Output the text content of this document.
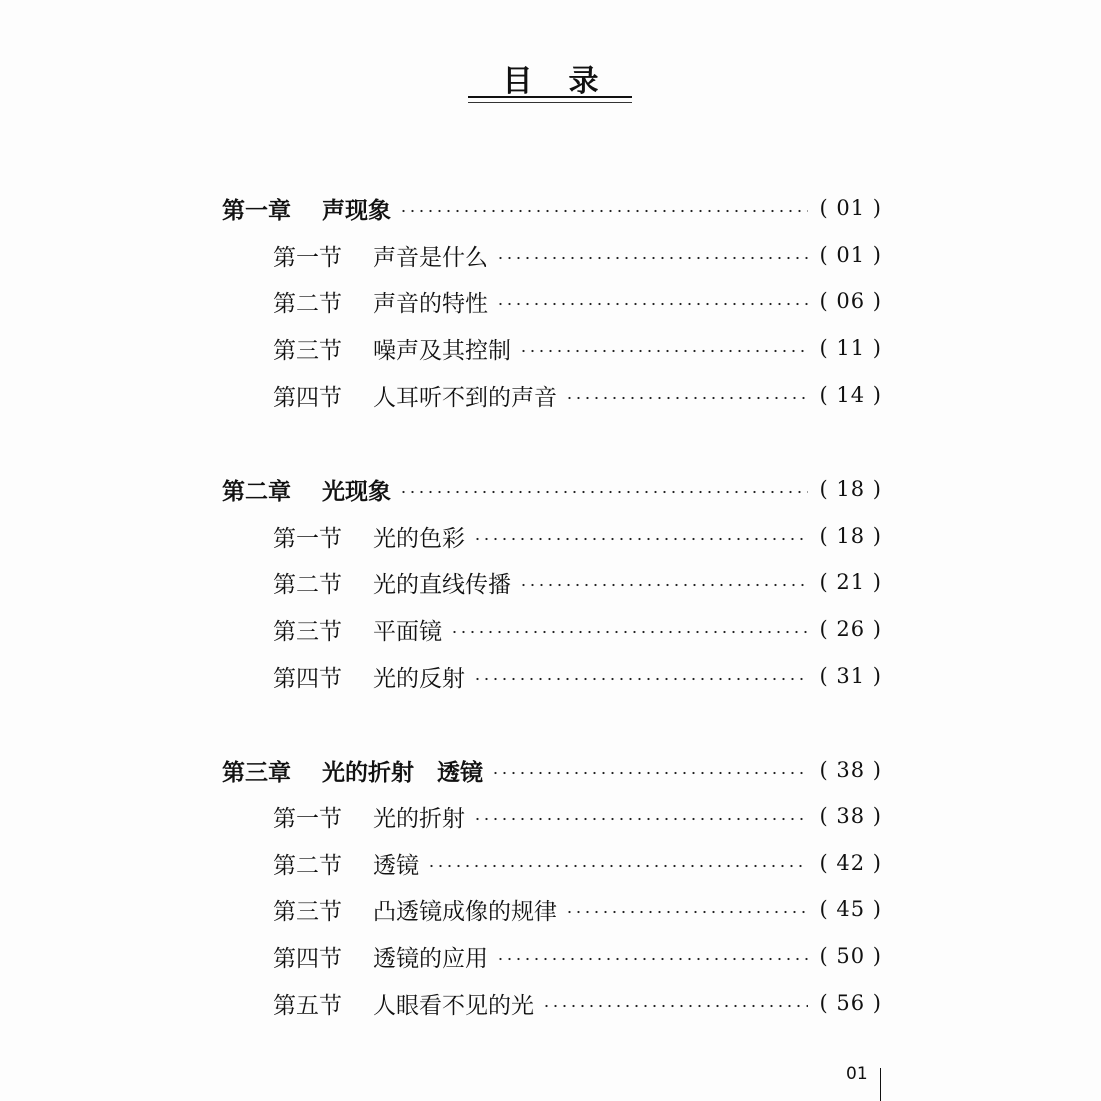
目录
第一章	声现象	( 01 )
第一节	声音是什么	( 01 )
第二节	声音的特性	( 06 )
第三节	噪声及其控制	( 11 )
第四节	人耳听不到的声音	( 14 )
第二章	光现象	( 18 )
第一节	光的色彩	( 18 )
第二节	光的直线传播	( 21 )
第三节	平面镜	( 26 )
第四节	光的反射	( 31 )
第三章	光的折射　透镜	( 38 )
第一节	光的折射	( 38 )
第二节	透镜	( 42 )
第三节	凸透镜成像的规律	( 45 )
第四节	透镜的应用	( 50 )
第五节	人眼看不见的光	( 56 )
01
